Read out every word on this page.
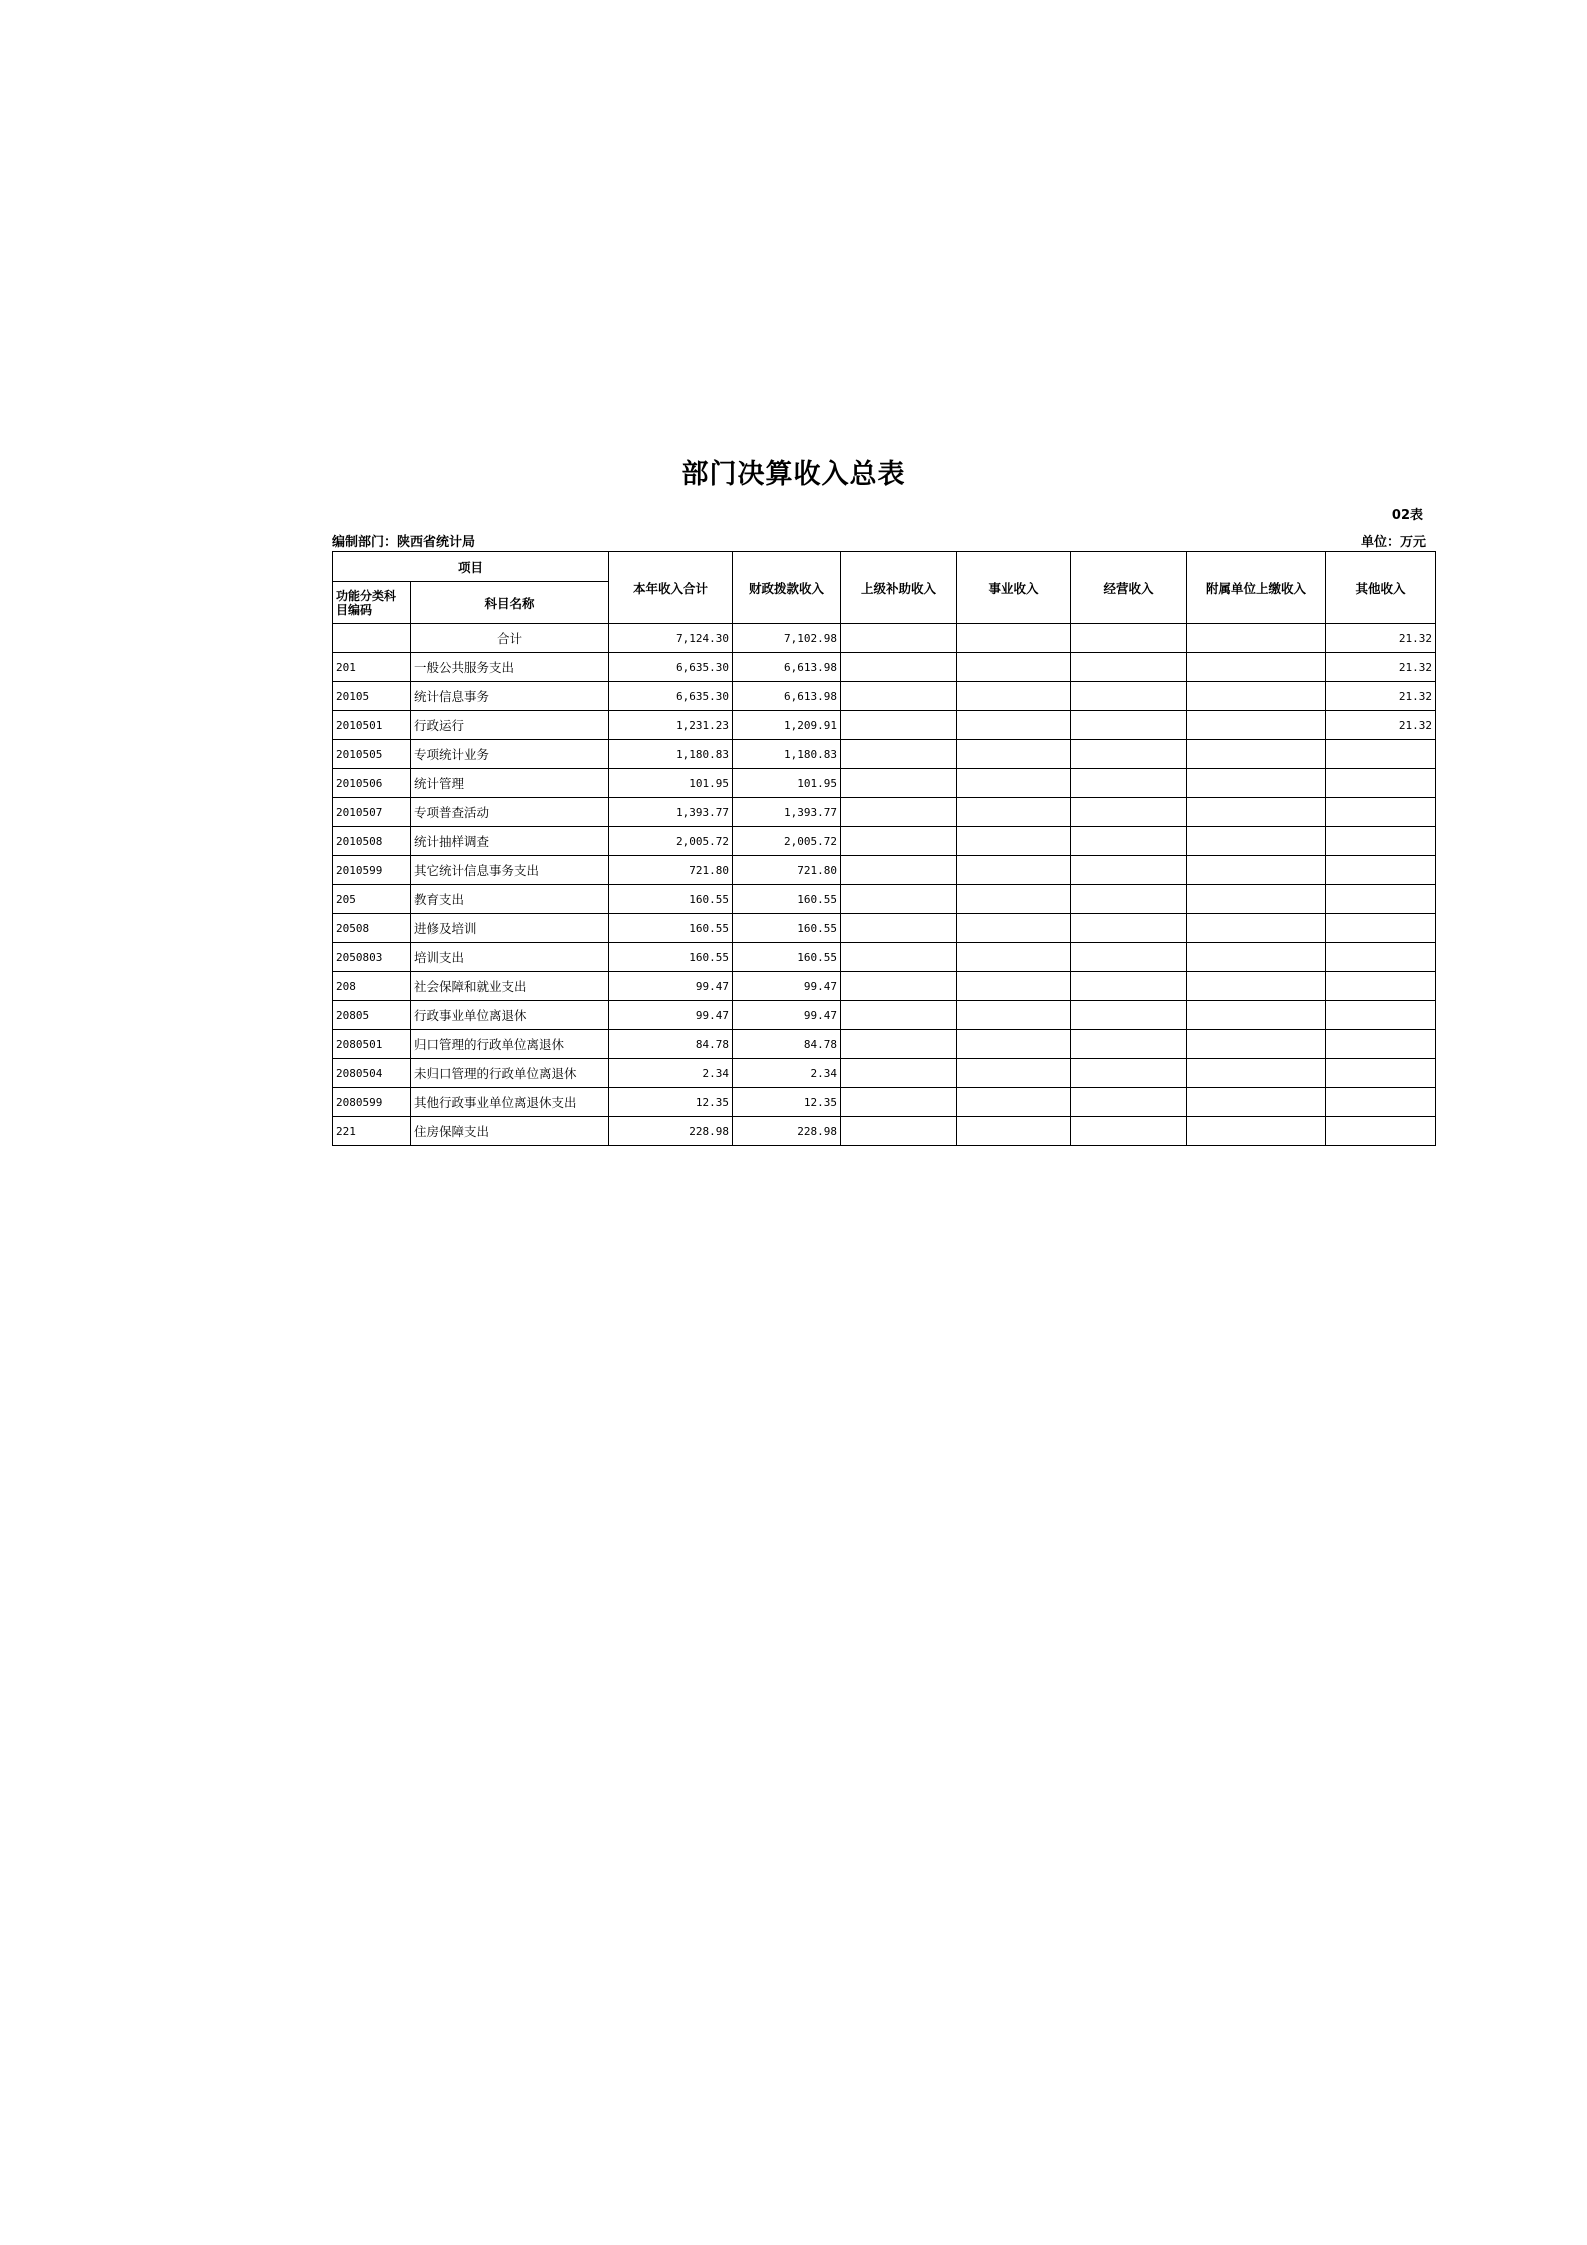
部门决算收入总表
02表
编制部门：陕西省统计局	单位：万元
项目		本年收入合计	财政拨款收入	上级补助收入	事业收入	经营收入	附属单位上缴收入	其他收入
功能分类科目编码	科目名称							
	合计	7,124.30	7,102.98					21.32
201	一般公共服务支出	6,635.30	6,613.98					21.32
20105	统计信息事务	6,635.30	6,613.98					21.32
2010501	行政运行	1,231.23	1,209.91					21.32
2010505	专项统计业务	1,180.83	1,180.83					
2010506	统计管理	101.95	101.95					
2010507	专项普查活动	1,393.77	1,393.77					
2010508	统计抽样调查	2,005.72	2,005.72					
2010599	其它统计信息事务支出	721.80	721.80					
205	教育支出	160.55	160.55					
20508	进修及培训	160.55	160.55					
2050803	培训支出	160.55	160.55					
208	社会保障和就业支出	99.47	99.47					
20805	行政事业单位离退休	99.47	99.47					
2080501	归口管理的行政单位离退休	84.78	84.78					
2080504	未归口管理的行政单位离退休	2.34	2.34					
2080599	其他行政事业单位离退休支出	12.35	12.35					
221	住房保障支出	228.98	228.98					
